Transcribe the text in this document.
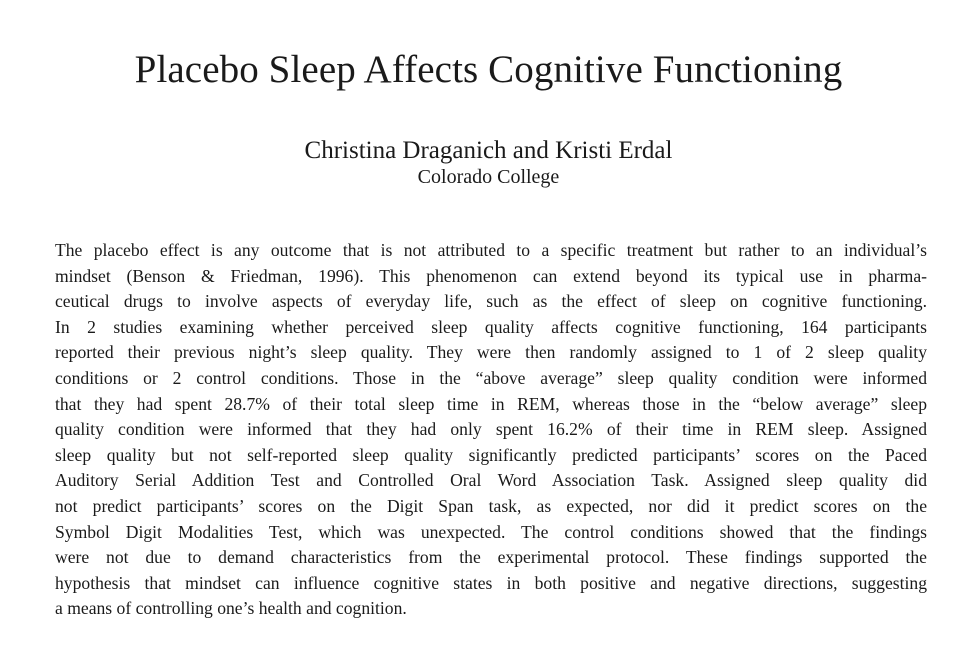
Placebo Sleep Affects Cognitive Functioning
Christina Draganich and Kristi Erdal
Colorado College

The placebo effect is any outcome that is not attributed to a specific treatment but rather to an individual’s
mindset (Benson & Friedman, 1996). This phenomenon can extend beyond its typical use in pharma-
ceutical drugs to involve aspects of everyday life, such as the effect of sleep on cognitive functioning.
In 2 studies examining whether perceived sleep quality affects cognitive functioning, 164 participants
reported their previous night’s sleep quality. They were then randomly assigned to 1 of 2 sleep quality
conditions or 2 control conditions. Those in the “above average” sleep quality condition were informed
that they had spent 28.7% of their total sleep time in REM, whereas those in the “below average” sleep
quality condition were informed that they had only spent 16.2% of their time in REM sleep. Assigned
sleep quality but not self-reported sleep quality significantly predicted participants’ scores on the Paced
Auditory Serial Addition Test and Controlled Oral Word Association Task. Assigned sleep quality did
not predict participants’ scores on the Digit Span task, as expected, nor did it predict scores on the
Symbol Digit Modalities Test, which was unexpected. The control conditions showed that the findings
were not due to demand characteristics from the experimental protocol. These findings supported the
hypothesis that mindset can influence cognitive states in both positive and negative directions, suggesting
a means of controlling one’s health and cognition.
